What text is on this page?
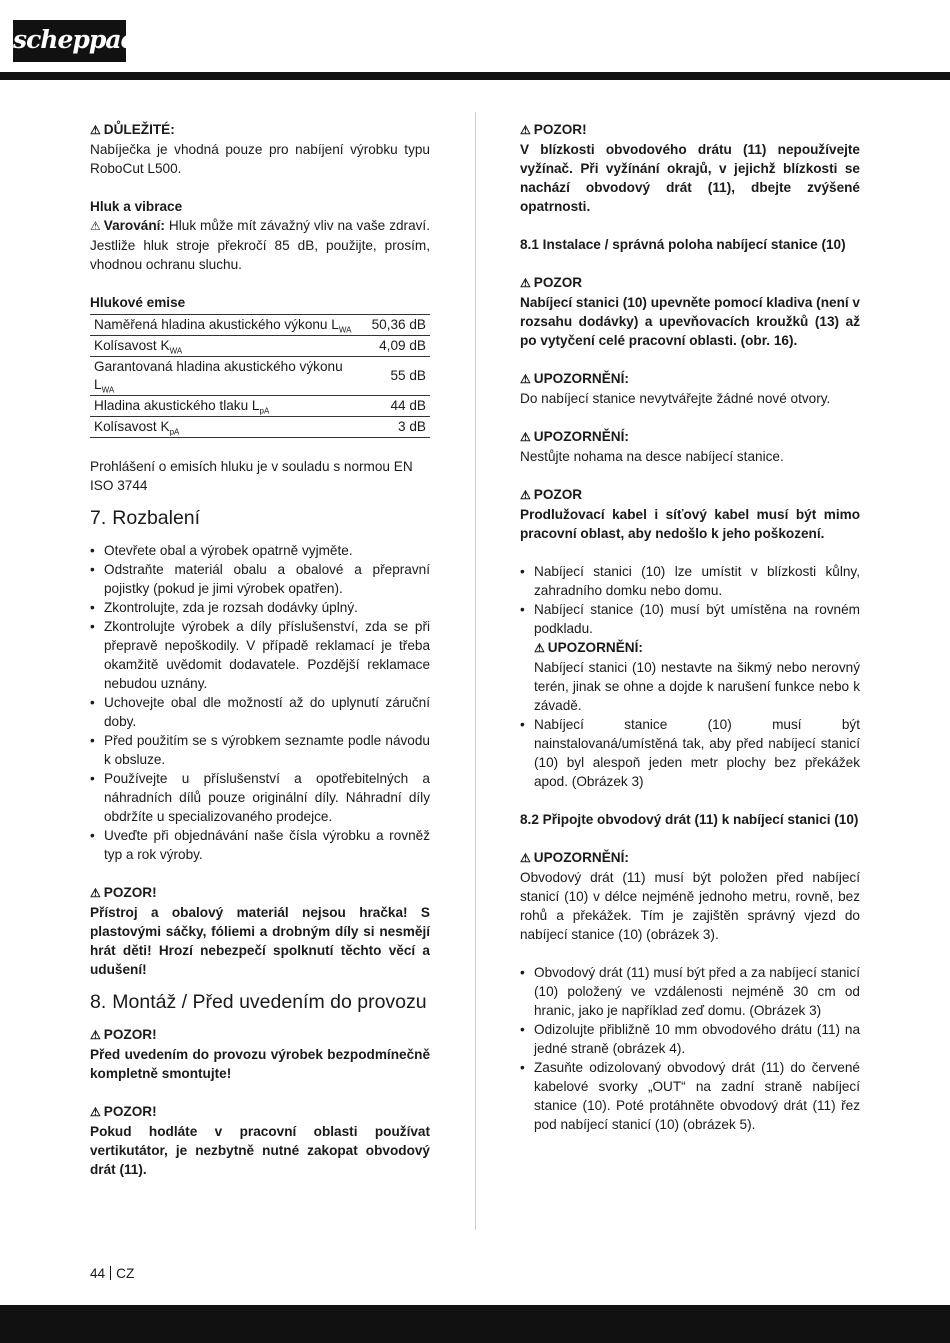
scheppach

⚠ DŮLEŽITÉ:

Nabíječka je vhodná pouze pro nabíjení výrobku typu RoboCut L500.

Hluk a vibrace

⚠ Varování: Hluk může mít závažný vliv na vaše zdraví. Jestliže hluk stroje překročí 85 dB, použijte, prosím, vhodnou ochranu sluchu.

Hlukové emise

Naměřená hladina akustického výkonu $L_{WA}$	50,36 dB
Kolísavost $K_{WA}$	4,09 dB
Garantovaná hladina akustického výkonu $L_{WA}$	55 dB
Hladina akustického tlaku $L_{pA}$	44 dB
Kolísavost $K_{pA}$	3 dB

Prohlášení o emisích hluku je v souladu s normou EN ISO 3744

7. Rozbalení
• Otevřete obal a výrobek opatrně vyjměte.
• Odstraňte materiál obalu a obalové a přepravní pojistky (pokud je jimi výrobek opatřen).
• Zkontrolujte, zda je rozsah dodávky úplný.
• Zkontrolujte výrobek a díly příslušenství, zda se při přepravě nepoškodily. V případě reklamací je třeba okamžitě uvědomit dodavatele. Pozdější reklamace nebudou uznány.
• Uchovejte obal dle možností až do uplynutí záruční doby.
• Před použitím se s výrobkem seznamte podle návodu k obsluze.
• Používejte u příslušenství a opotřebitelných a náhradních dílů pouze originální díly. Náhradní díly obdržíte u specializovaného prodejce.
• Uveďte při objednávání naše čísla výrobku a rovněž typ a rok výroby.

⚠ POZOR!

Přístroj a obalový materiál nejsou hračka! S plastovými sáčky, fóliemi a drobným díly si nesmějí hrát děti! Hrozí nebezpečí spolknutí těchto věcí a udušení!

8. Montáž / Před uvedením do provozu

⚠ POZOR!

Před uvedením do provozu výrobek bezpodmínečně kompletně smontujte!

⚠ POZOR!

Pokud hodláte v pracovní oblasti používat vertikutátor, je nezbytně nutné zakopat obvodový drát (11).

⚠ POZOR!

V blízkosti obvodového drátu (11) nepoužívejte vyžínač. Při vyžínání okrajů, v jejichž blízkosti se nachází obvodový drát (11), dbejte zvýšené opatrnosti.

8.1 Instalace / správná poloha nabíjecí stanice (10)

⚠ POZOR

Nabíjecí stanici (10) upevněte pomocí kladiva (není v rozsahu dodávky) a upevňovacích kroužků (13) až po vytyčení celé pracovní oblasti. (obr. 16).

⚠ UPOZORNĚNÍ:

Do nabíjecí stanice nevytvářejte žádné nové otvory.

⚠ UPOZORNĚNÍ:

Nestůjte nohama na desce nabíjecí stanice.

⚠ POZOR

Prodlužovací kabel i síťový kabel musí být mimo pracovní oblast, aby nedošlo k jeho poškození.

• Nabíjecí stanici (10) lze umístit v blízkosti kůlny, zahradního domku nebo domu.
• Nabíjecí stanice (10) musí být umístěna na rovném podkladu.

⚠ UPOZORNĚNÍ:

Nabíjecí stanici (10) nestavte na šikmý nebo nerovný terén, jinak se ohne a dojde k narušení funkce nebo k závadě.

• Nabíjecí stanice (10) musí být nainstalovaná/umístěná tak, aby před nabíjecí stanicí (10) byl alespoň jeden metr plochy bez překážek apod. (Obrázek 3)

8.2 Připojte obvodový drát (11) k nabíjecí stanici (10)

⚠ UPOZORNĚNÍ:

Obvodový drát (11) musí být položen před nabíjecí stanicí (10) v délce nejméně jednoho metru, rovně, bez rohů a překážek. Tím je zajištěn správný vjezd do nabíjecí stanice (10) (obrázek 3).

• Obvodový drát (11) musí být před a za nabíjecí stanicí (10) položený ve vzdálenosti nejméně 30 cm od hranic, jako je například zeď domu. (Obrázek 3)
• Odizolujte přibližně 10 mm obvodového drátu (11) na jedné straně (obrázek 4).
• Zasuňte odizolovaný obvodový drát (11) do červené kabelové svorky „OUT“ na zadní straně nabíjecí stanice (10). Poté protáhněte obvodový drát (11) řez pod nabíjecí stanicí (10) (obrázek 5).
44 CZ
